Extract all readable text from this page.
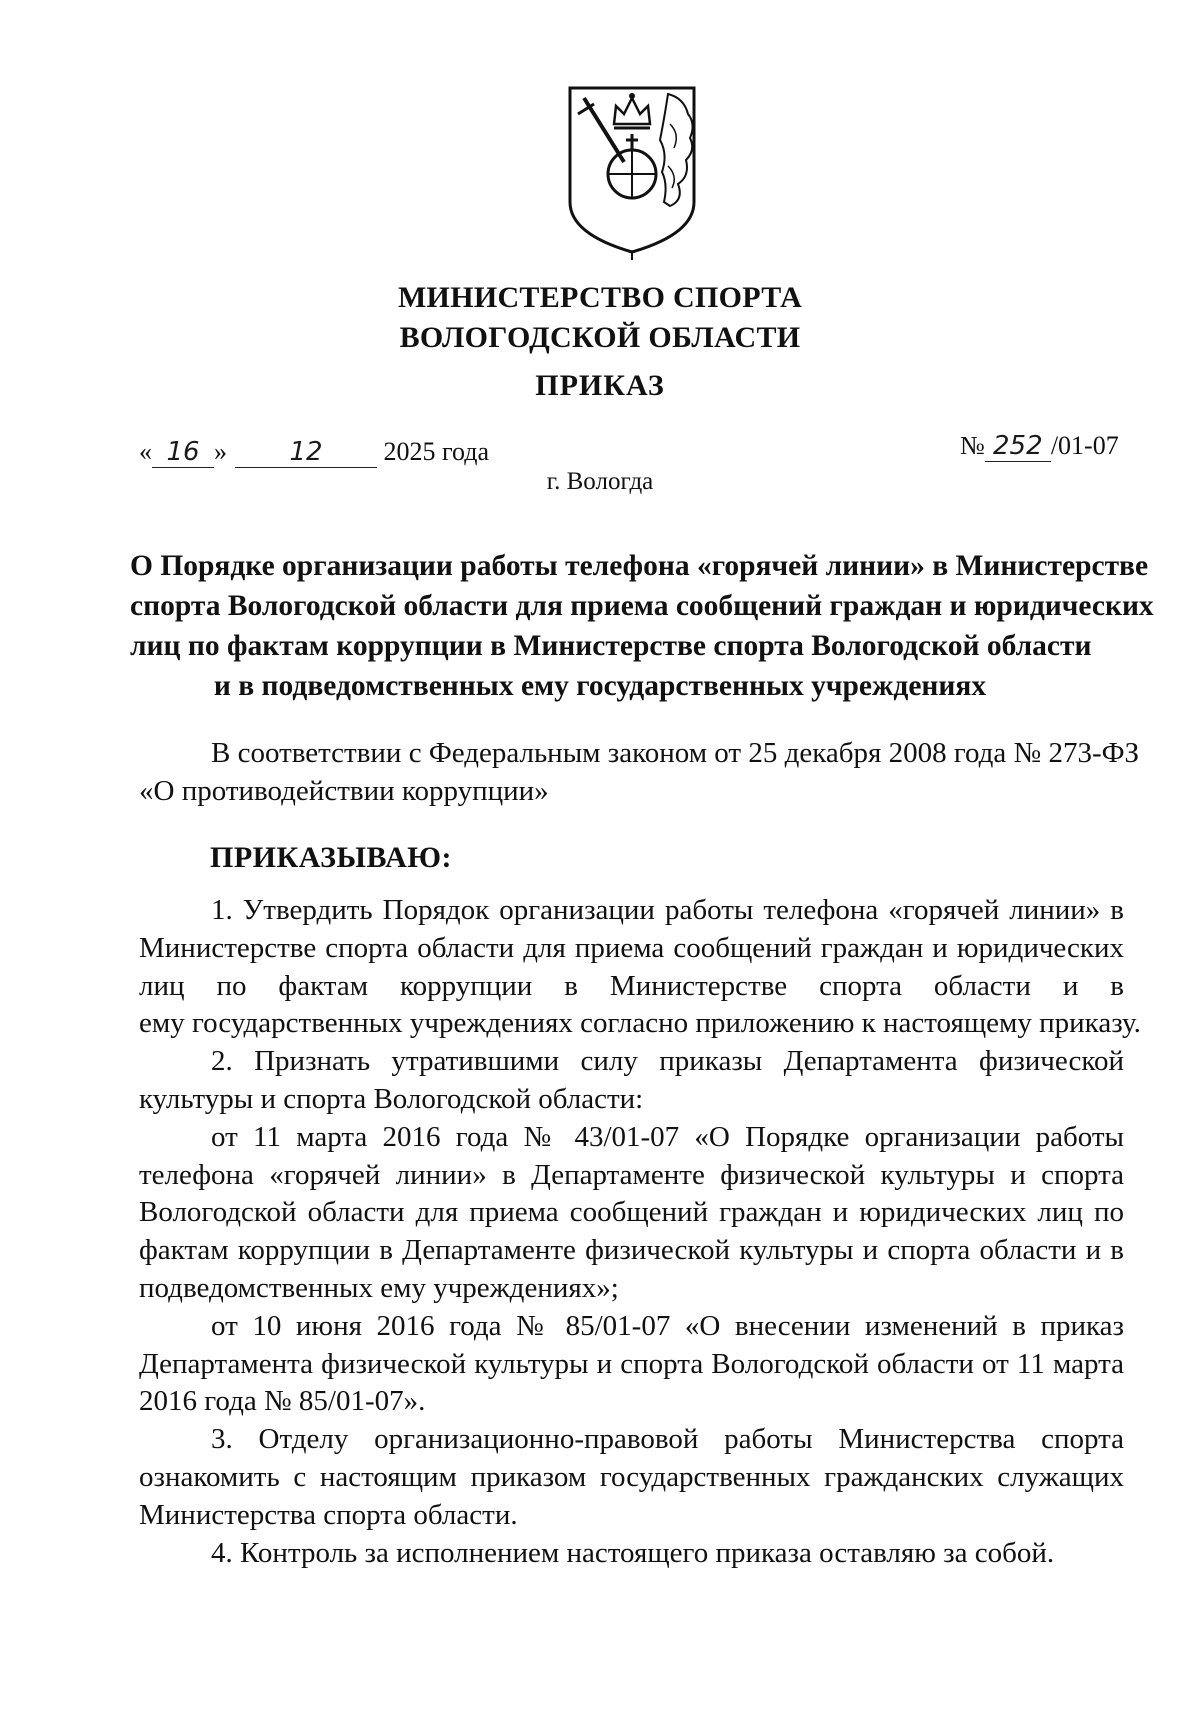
МИНИСТЕРСТВО СПОРТА
ВОЛОГОДСКОЙ ОБЛАСТИ
ПРИКАЗ
« 16 » 12 2025 года	№ 252 /01-07
г. Вологда
О Порядке организации работы телефона «горячей линии» в Министерстве
спорта Вологодской области для приема сообщений граждан и юридических
лиц по фактам коррупции в Министерстве спорта Вологодской области
и в подведомственных ему государственных учреждениях
В соответствии с Федеральным законом от 25 декабря 2008 года № 273-ФЗ
«О противодействии коррупции»
ПРИКАЗЫВАЮ:
1. Утвердить Порядок организации работы телефона «горячей линии» в
Министерстве спорта области для приема сообщений граждан и юридических
лиц по фактам коррупции в Министерстве спорта области и в
ему государственных учреждениях согласно приложению к настоящему приказу.
2. Признать утратившими силу приказы Департамента физической
культуры и спорта Вологодской области:
от 11 марта 2016 года № 43/01-07 «О Порядке организации работы
телефона «горячей линии» в Департаменте физической культуры и спорта
Вологодской области для приема сообщений граждан и юридических лиц по
фактам коррупции в Департаменте физической культуры и спорта области и в
подведомственных ему учреждениях»;
от 10 июня 2016 года № 85/01-07 «О внесении изменений в приказ
Департамента физической культуры и спорта Вологодской области от 11 марта
2016 года № 85/01-07».
3. Отделу организационно-правовой работы Министерства спорта
ознакомить с настоящим приказом государственных гражданских служащих
Министерства спорта области.
4. Контроль за исполнением настоящего приказа оставляю за собой.
